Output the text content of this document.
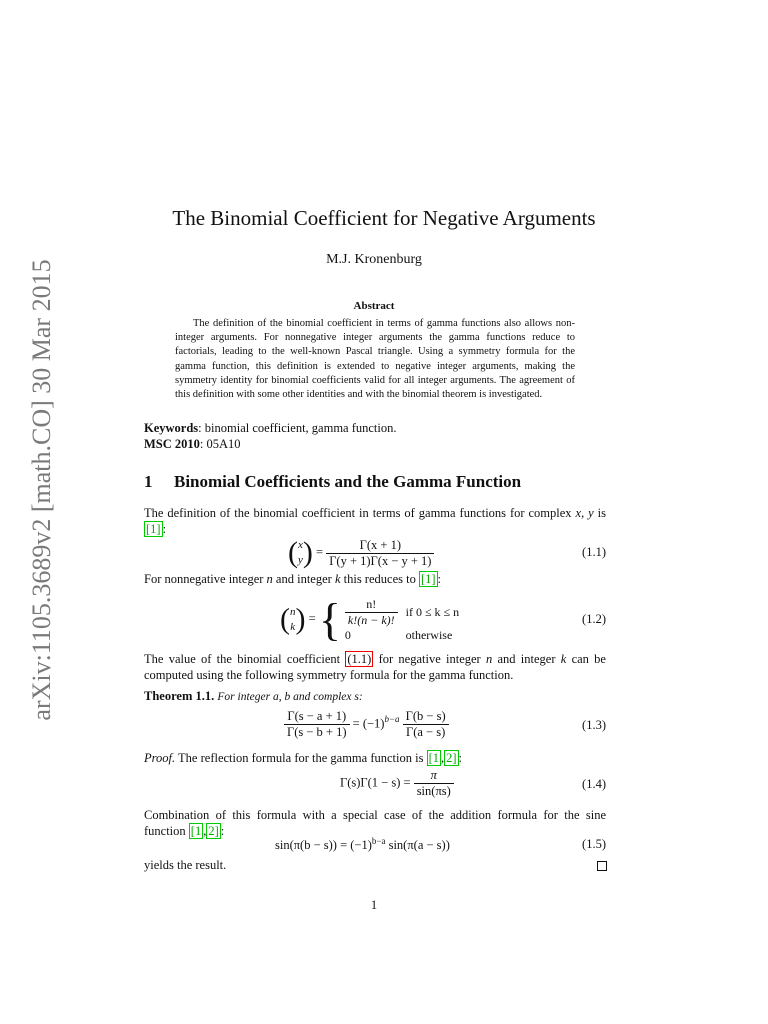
arXiv:1105.3689v2 [math.CO] 30 Mar 2015
The Binomial Coefficient for Negative Arguments
M.J. Kronenburg
Abstract
The definition of the binomial coefficient in terms of gamma functions also allows non-integer arguments. For nonnegative integer arguments the gamma functions reduce to factorials, leading to the well-known Pascal triangle. Using a symmetry formula for the gamma function, this definition is extended to negative integer arguments, making the symmetry identity for binomial coefficients valid for all integer arguments. The agreement of this definition with some other identities and with the binomial theorem is investigated.
Keywords: binomial coefficient, gamma function.
MSC 2010: 05A10
1 Binomial Coefficients and the Gamma Function
The definition of the binomial coefficient in terms of gamma functions for complex x, y is [1] :
( x
y ) = $\frac{\Gamma(x + 1)}{\Gamma(y + 1)\Gamma(x - y + 1)}$	(1.1)
For nonnegative integer n and integer k this reduces to [1] :
( n
k ) = { $\frac{n!}{k!(n - k)!}$	if 0 ≤ k ≤ n
0	otherwise
(1.2)
The value of the binomial coefficient (1.1) for negative integer n and integer k can be computed using the following symmetry formula for the gamma function.
Theorem 1.1. For integer a, b and complex s:
$\frac{\Gamma(s - a + 1)}{\Gamma(s - b + 1)} = (-1)^{b-a} \frac{\Gamma(b - s)}{\Gamma(a - s)}$	(1.3)
Proof. The reflection formula for the gamma function is [1 , 2] :
$\Gamma(s)\Gamma(1 - s) = \frac{\pi}{\sin(\pi s)}$	(1.4)
Combination of this formula with a special case of the addition formula for the sine function [1 , 2] :
$\sin(\pi(b - s)) = (-1)^{b-a}$ sin(π(a − s))	(1.5)
yields the result.
1
